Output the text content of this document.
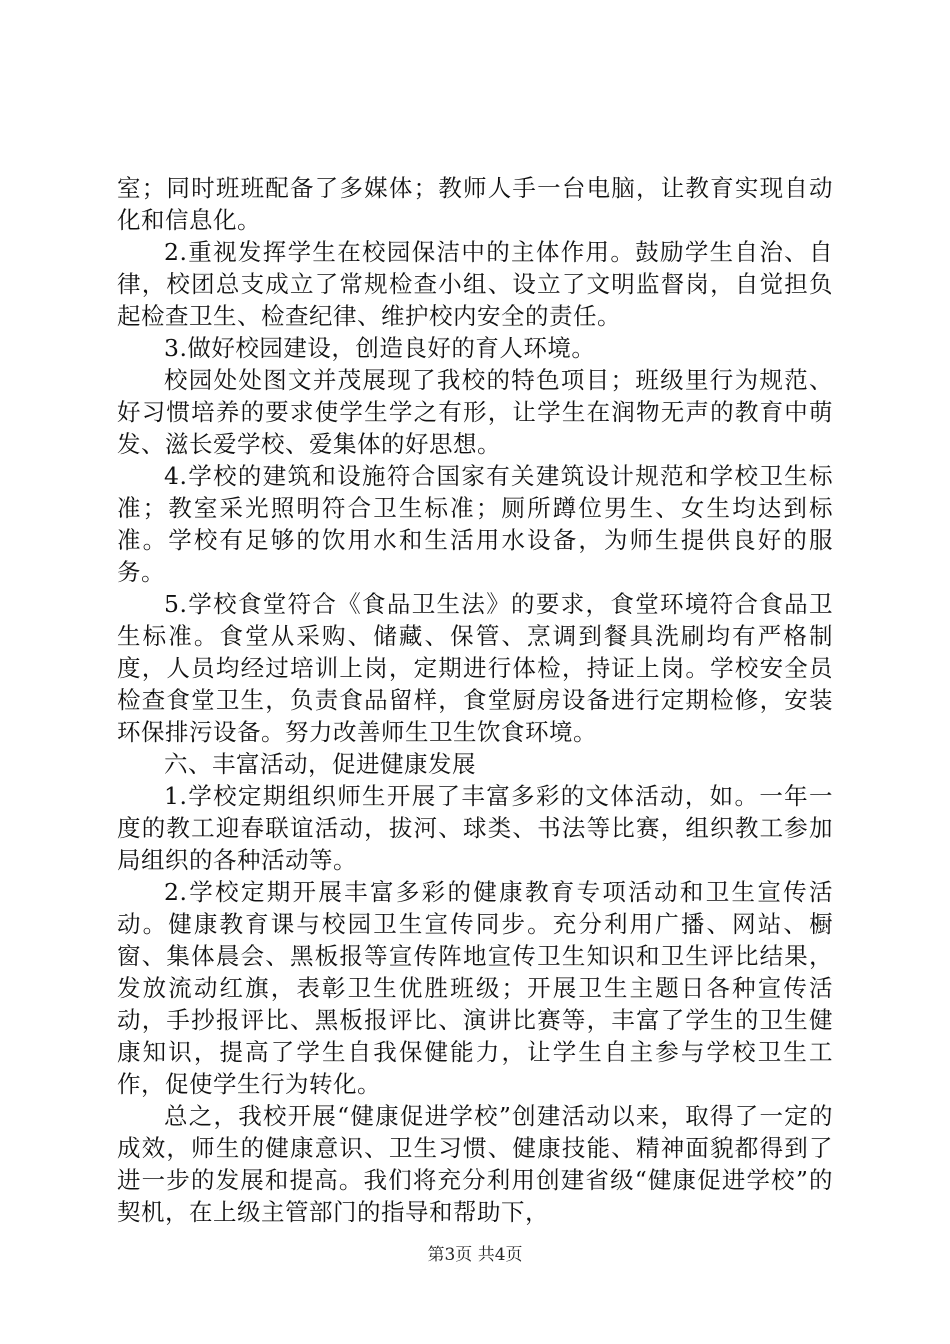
室；同时班班配备了多媒体；教师人手一台电脑，让教育实现自动化和信息化。

2.重视发挥学生在校园保洁中的主体作用。鼓励学生自治、自律，校团总支成立了常规检查小组、设立了文明监督岗，自觉担负起检查卫生、检查纪律、维护校内安全的责任。

3.做好校园建设，创造良好的育人环境。

校园处处图文并茂展现了我校的特色项目；班级里行为规范、好习惯培养的要求使学生学之有形，让学生在润物无声的教育中萌发、滋长爱学校、爱集体的好思想。

4.学校的建筑和设施符合国家有关建筑设计规范和学校卫生标准；教室采光照明符合卫生标准；厕所蹲位男生、女生均达到标准。学校有足够的饮用水和生活用水设备，为师生提供良好的服务。

5.学校食堂符合《食品卫生法》的要求，食堂环境符合食品卫生标准。食堂从采购、储藏、保管、烹调到餐具洗刷均有严格制度，人员均经过培训上岗，定期进行体检，持证上岗。学校安全员检查食堂卫生，负责食品留样，食堂厨房设备进行定期检修，安装环保排污设备。努力改善师生卫生饮食环境。

六、丰富活动，促进健康发展

1.学校定期组织师生开展了丰富多彩的文体活动，如。一年一度的教工迎春联谊活动，拔河、球类、书法等比赛，组织教工参加局组织的各种活动等。

2.学校定期开展丰富多彩的健康教育专项活动和卫生宣传活动。健康教育课与校园卫生宣传同步。充分利用广播、网站、橱窗、集体晨会、黑板报等宣传阵地宣传卫生知识和卫生评比结果，发放流动红旗，表彰卫生优胜班级；开展卫生主题日各种宣传活动，手抄报评比、黑板报评比、演讲比赛等，丰富了学生的卫生健康知识，提高了学生自我保健能力，让学生自主参与学校卫生工作，促使学生行为转化。

总之，我校开展“健康促进学校”创建活动以来，取得了一定的成效，师生的健康意识、卫生习惯、健康技能、精神面貌都得到了进一步的发展和提高。我们将充分利用创建省级“健康促进学校”的契机，在上级主管部门的指导和帮助下，

第3页 共4页
